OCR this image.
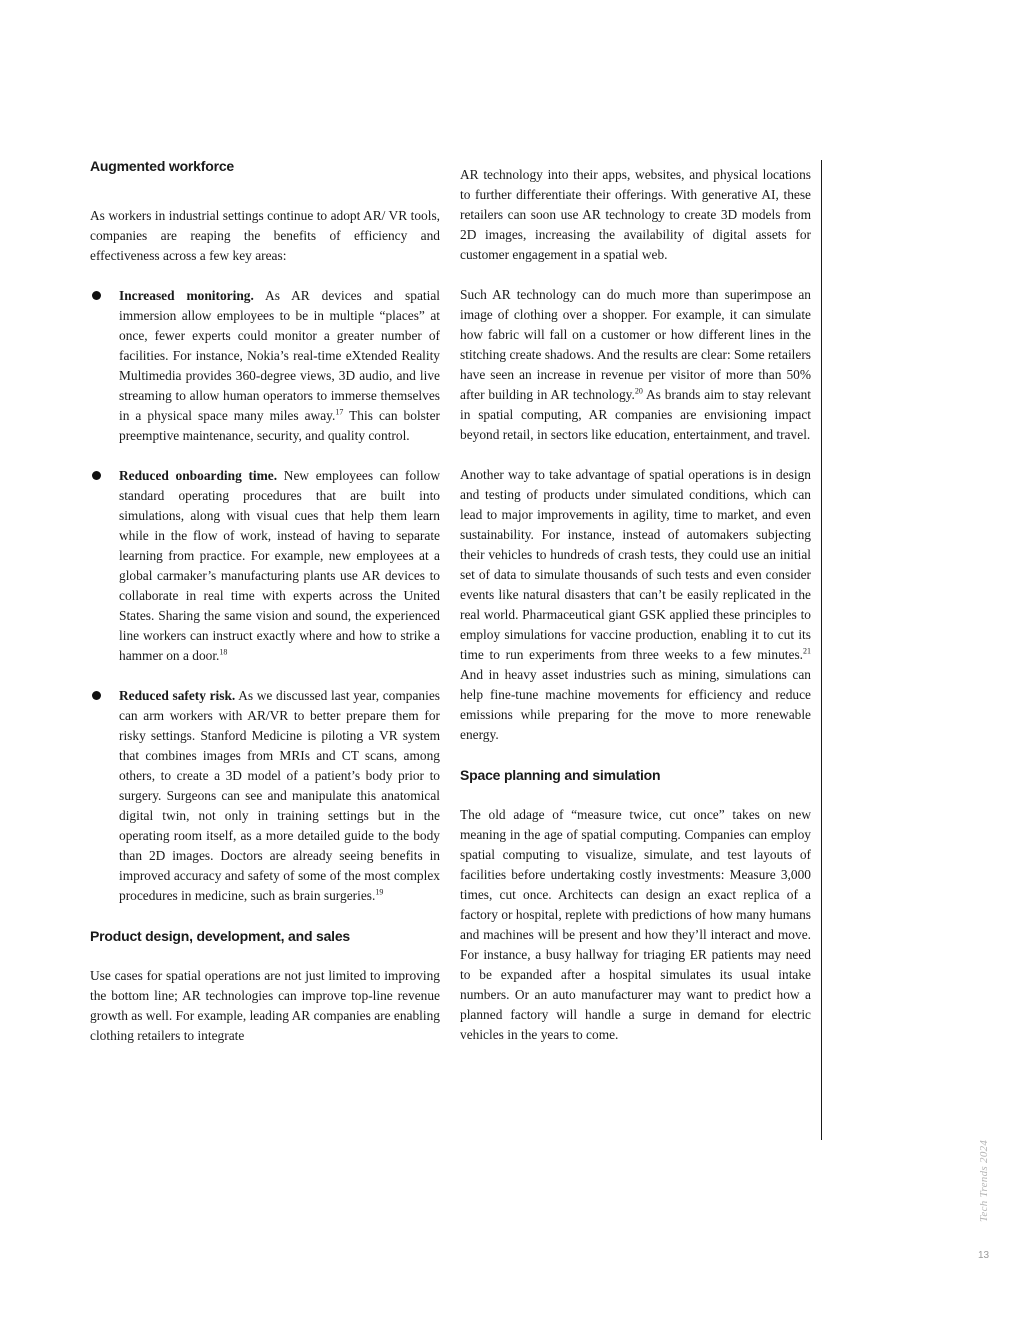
Augmented workforce

As workers in industrial settings continue to adopt AR/ VR tools, companies are reaping the benefits of efficiency and effectiveness across a few key areas:

Increased monitoring. As AR devices and spatial immersion allow employees to be in multiple “places” at once, fewer experts could monitor a greater number of facilities. For instance, Nokia’s real-time eXtended Reality Multimedia provides 360-degree views, 3D audio, and live streaming to allow human operators to immerse themselves in a physical space many miles away.$^{17}$ This can bolster preemptive maintenance, security, and quality control.
Reduced onboarding time. New employees can follow standard operating procedures that are built into simulations, along with visual cues that help them learn while in the flow of work, instead of having to separate learning from practice. For example, new employees at a global carmaker’s manufacturing plants use AR devices to collaborate in real time with experts across the United States. Sharing the same vision and sound, the experienced line workers can instruct exactly where and how to strike a hammer on a door.$^{18}$
Reduced safety risk. As we discussed last year, companies can arm workers with AR/VR to better prepare them for risky settings. Stanford Medicine is piloting a VR system that combines images from MRIs and CT scans, among others, to create a 3D model of a patient’s body prior to surgery. Surgeons can see and manipulate this anatomical digital twin, not only in training settings but in the operating room itself, as a more detailed guide to the body than 2D images. Doctors are already seeing benefits in improved accuracy and safety of some of the most complex procedures in medicine, such as brain surgeries.$^{19}$
Product design, development, and sales

Use cases for spatial operations are not just limited to improving the bottom line; AR technologies can improve top-line revenue growth as well. For example, leading AR companies are enabling clothing retailers to integrate

AR technology into their apps, websites, and physical locations to further differentiate their offerings. With generative AI, these retailers can soon use AR technology to create 3D models from 2D images, increasing the availability of digital assets for customer engagement in a spatial web.

Such AR technology can do much more than superimpose an image of clothing over a shopper. For example, it can simulate how fabric will fall on a customer or how different lines in the stitching create shadows. And the results are clear: Some retailers have seen an increase in revenue per visitor of more than 50% after building in AR technology.$^{20}$ As brands aim to stay relevant in spatial computing, AR companies are envisioning impact beyond retail, in sectors like education, entertainment, and travel.

Another way to take advantage of spatial operations is in design and testing of products under simulated conditions, which can lead to major improvements in agility, time to market, and even sustainability. For instance, instead of automakers subjecting their vehicles to hundreds of crash tests, they could use an initial set of data to simulate thousands of such tests and even consider events like natural disasters that can’t be easily replicated in the real world. Pharmaceutical giant GSK applied these principles to employ simulations for vaccine production, enabling it to cut its time to run experiments from three weeks to a few minutes.$^{21}$ And in heavy asset industries such as mining, simulations can help fine-tune machine movements for efficiency and reduce emissions while preparing for the move to more renewable energy.

Space planning and simulation

The old adage of “measure twice, cut once” takes on new meaning in the age of spatial computing. Companies can employ spatial computing to visualize, simulate, and test layouts of facilities before undertaking costly investments: Measure 3,000 times, cut once. Architects can design an exact replica of a factory or hospital, replete with predictions of how many humans and machines will be present and how they’ll interact and move. For instance, a busy hallway for triaging ER patients may need to be expanded after a hospital simulates its usual intake numbers. Or an auto manufacturer may want to predict how a planned factory will handle a surge in demand for electric vehicles in the years to come.

Tech Trends 2024
13
